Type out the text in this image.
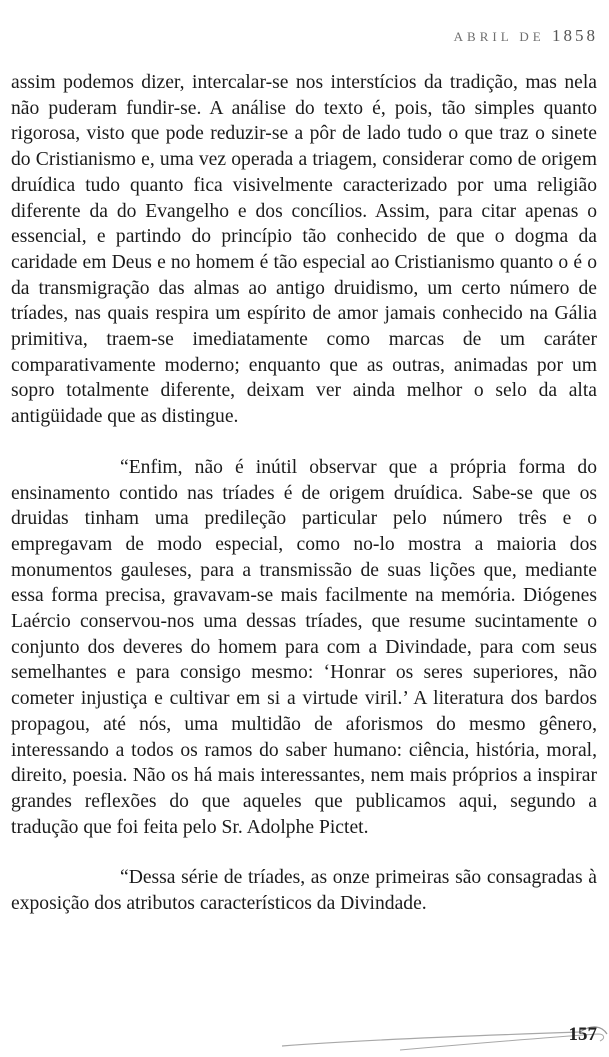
ABRIL DE 1858

assim podemos dizer, intercalar-se nos interstícios da tradição, mas nela não puderam fundir-se. A análise do texto é, pois, tão simples quanto rigorosa, visto que pode reduzir-se a pôr de lado tudo o que traz o sinete do Cristianismo e, uma vez operada a triagem, considerar como de origem druídica tudo quanto fica visivelmente caracterizado por uma religião diferente da do Evangelho e dos concílios. Assim, para citar apenas o essencial, e partindo do princípio tão conhecido de que o dogma da caridade em Deus e no homem é tão especial ao Cristianismo quanto o é o da transmigração das almas ao antigo druidismo, um certo número de tríades, nas quais respira um espírito de amor jamais conhecido na Gália primitiva, traem-se imediatamente como marcas de um caráter comparativamente moderno; enquanto que as outras, animadas por um sopro totalmente diferente, deixam ver ainda melhor o selo da alta antigüidade que as distingue.

“Enfim, não é inútil observar que a própria forma do ensinamento contido nas tríades é de origem druídica. Sabe-se que os druidas tinham uma predileção particular pelo número três e o empregavam de modo especial, como no-lo mostra a maioria dos monumentos gauleses, para a transmissão de suas lições que, mediante essa forma precisa, gravavam-se mais facilmente na memória. Diógenes Laércio conservou-nos uma dessas tríades, que resume sucintamente o conjunto dos deveres do homem para com a Divindade, para com seus semelhantes e para consigo mesmo: ‘Honrar os seres superiores, não cometer injustiça e cultivar em si a virtude viril.’ A literatura dos bardos propagou, até nós, uma multidão de aforismos do mesmo gênero, interessando a todos os ramos do saber humano: ciência, história, moral, direito, poesia. Não os há mais interessantes, nem mais próprios a inspirar grandes reflexões do que aqueles que publicamos aqui, segundo a tradução que foi feita pelo Sr. Adolphe Pictet.

“Dessa série de tríades, as onze primeiras são consagradas à exposição dos atributos característicos da Divindade.

157
